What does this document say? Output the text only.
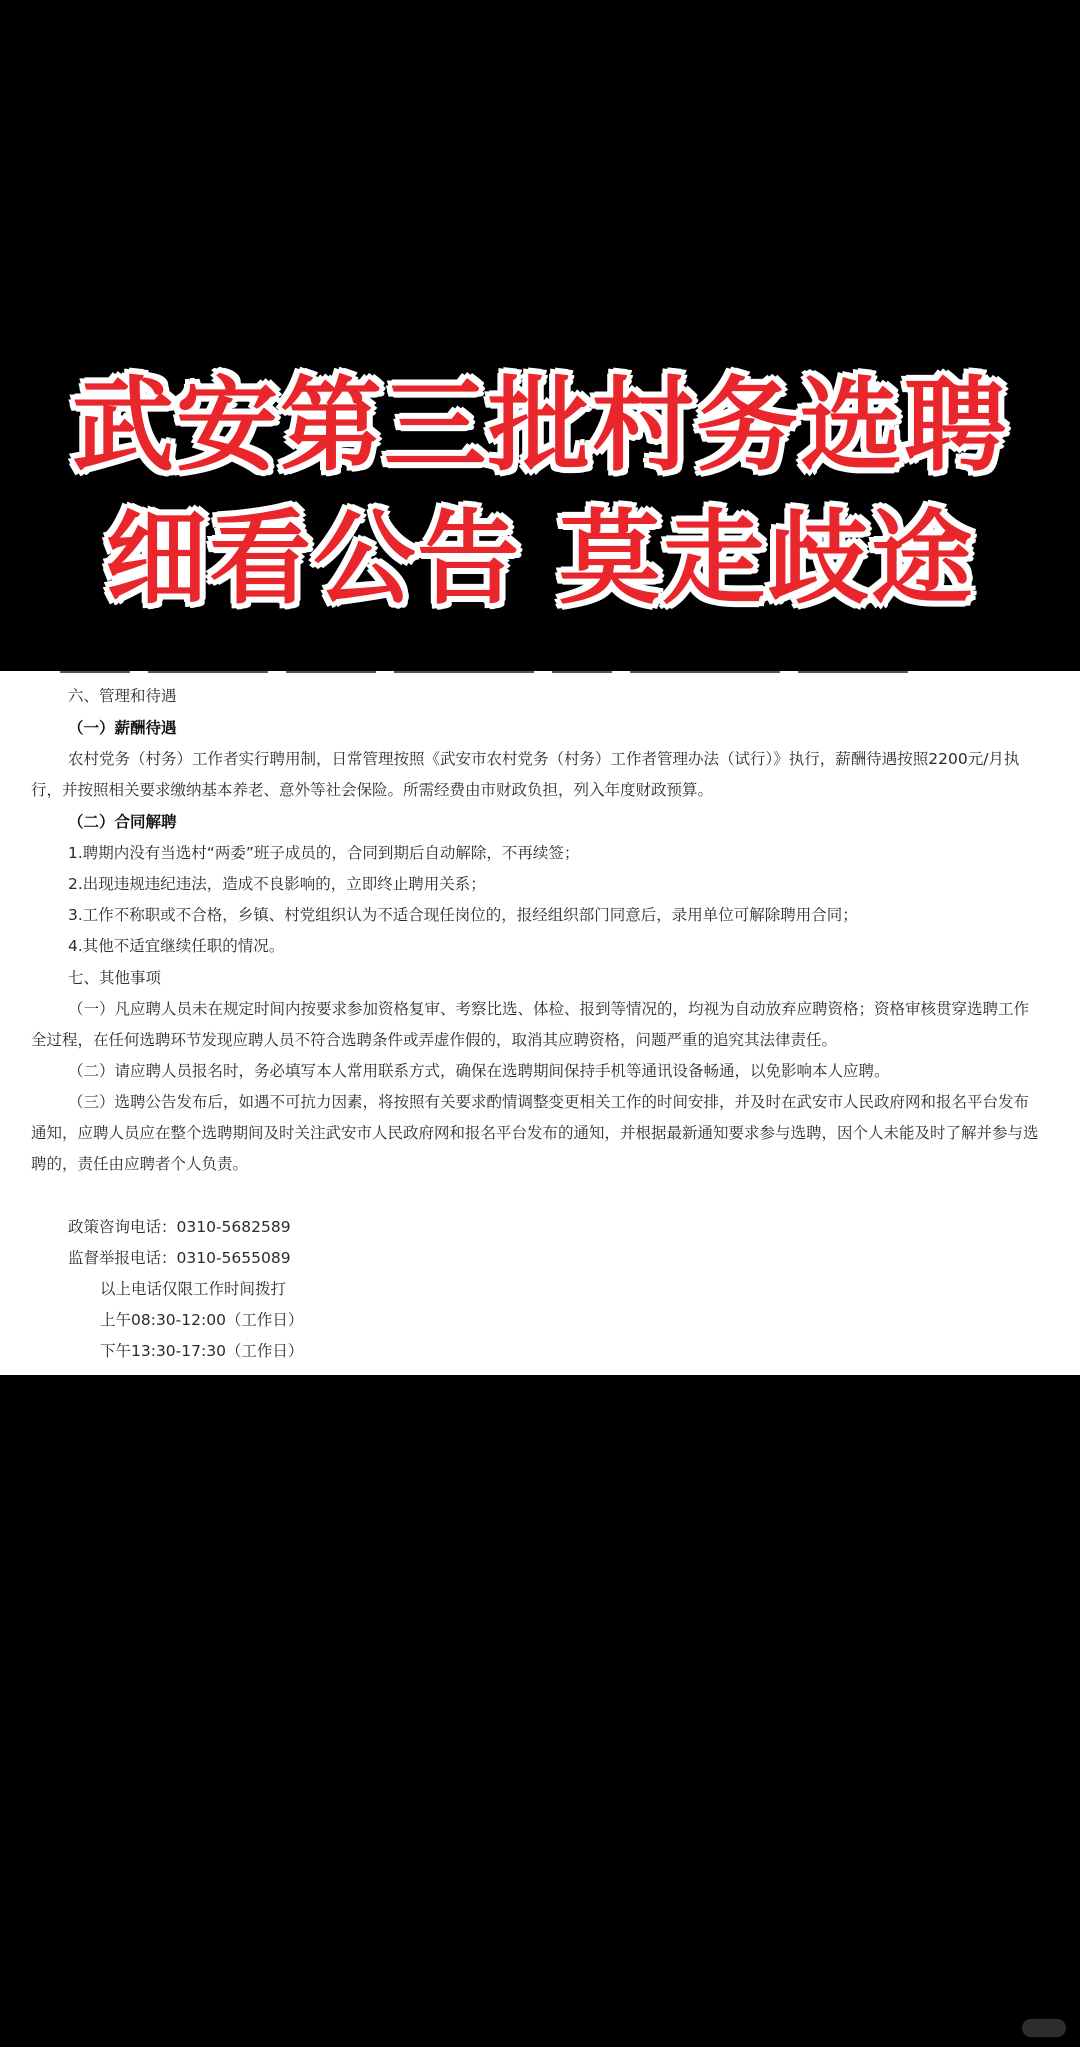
武安第三批村务选聘
细看公告 莫走歧途
六、管理和待遇
（一）薪酬待遇
农村党务（村务）工作者实行聘用制，日常管理按照《武安市农村党务（村务）工作者管理办法（试行）》执行，薪酬待遇按照2200元/月执
行，并按照相关要求缴纳基本养老、意外等社会保险。所需经费由市财政负担，列入年度财政预算。
（二）合同解聘
1.聘期内没有当选村“两委”班子成员的，合同到期后自动解除，不再续签；
2.出现违规违纪违法，造成不良影响的，立即终止聘用关系；
3.工作不称职或不合格，乡镇、村党组织认为不适合现任岗位的，报经组织部门同意后，录用单位可解除聘用合同；
4.其他不适宜继续任职的情况。
七、其他事项
（一）凡应聘人员未在规定时间内按要求参加资格复审、考察比选、体检、报到等情况的，均视为自动放弃应聘资格；资格审核贯穿选聘工作
全过程，在任何选聘环节发现应聘人员不符合选聘条件或弄虚作假的，取消其应聘资格，问题严重的追究其法律责任。
（二）请应聘人员报名时，务必填写本人常用联系方式，确保在选聘期间保持手机等通讯设备畅通，以免影响本人应聘。
（三）选聘公告发布后，如遇不可抗力因素，将按照有关要求酌情调整变更相关工作的时间安排，并及时在武安市人民政府网和报名平台发布
通知，应聘人员应在整个选聘期间及时关注武安市人民政府网和报名平台发布的通知，并根据最新通知要求参与选聘，因个人未能及时了解并参与选
聘的，责任由应聘者个人负责。
政策咨询电话：0310-5682589
监督举报电话：0310-5655089
以上电话仅限工作时间拨打
上午08:30-12:00（工作日）
下午13:30-17:30（工作日）
